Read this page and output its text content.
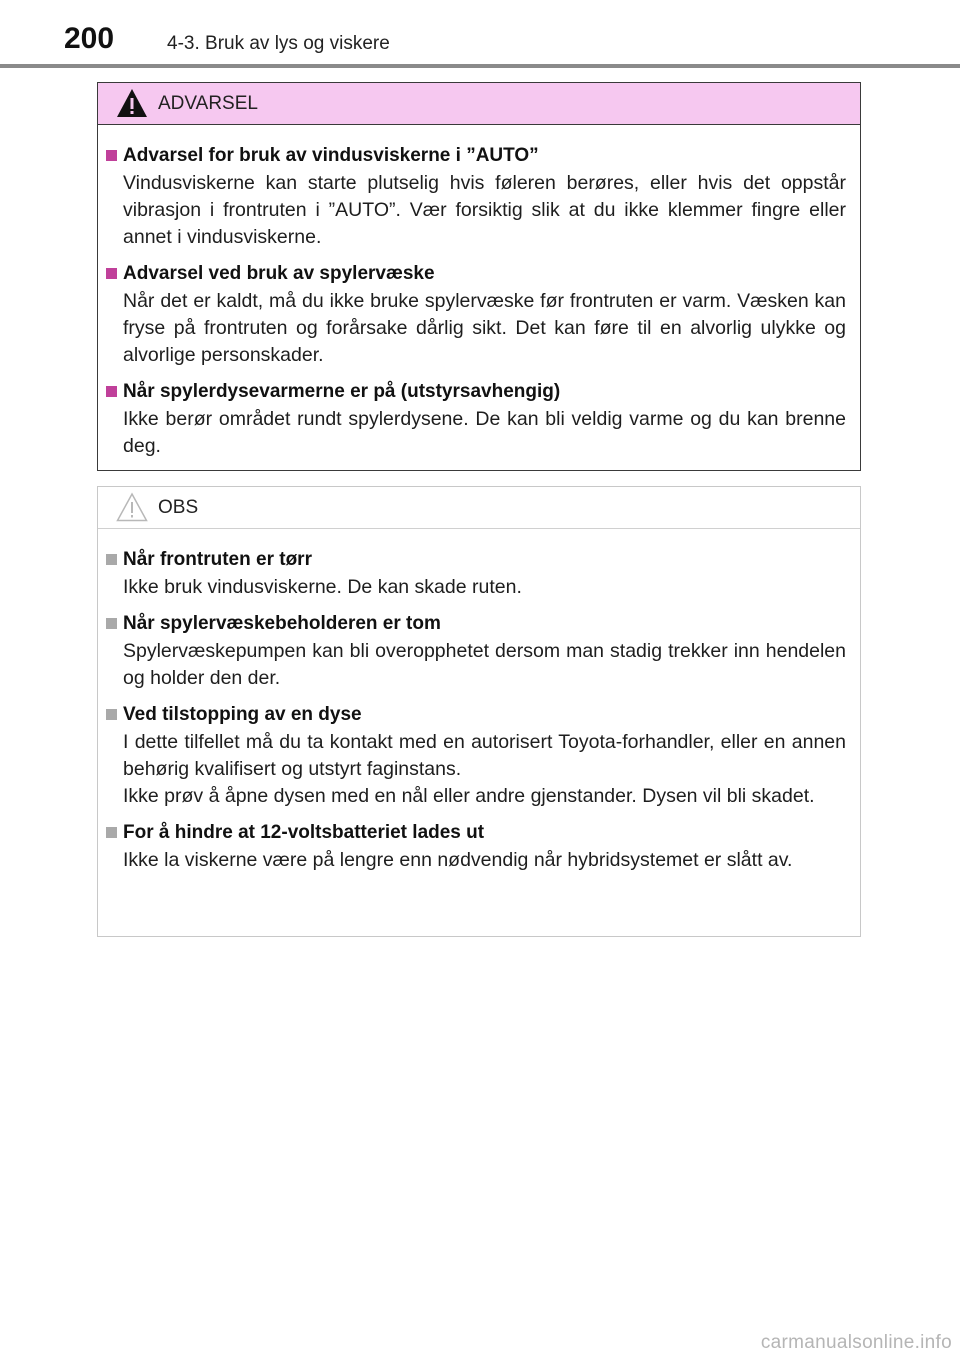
200	4-3. Bruk av lys og viskere
ADVARSEL
Advarsel for bruk av vindusviskerne i ”AUTO”

Vindusviskerne kan starte plutselig hvis føleren berøres, eller hvis det oppstår vibrasjon i frontruten i ”AUTO”. Vær forsiktig slik at du ikke klemmer fingre eller annet i vindusviskerne.

Advarsel ved bruk av spylervæske

Når det er kaldt, må du ikke bruke spylervæske før frontruten er varm. Væsken kan fryse på frontruten og forårsake dårlig sikt. Det kan føre til en alvorlig ulykke og alvorlige personskader.

Når spylerdysevarmerne er på (utstyrsavhengig)

Ikke berør området rundt spylerdysene. De kan bli veldig varme og du kan brenne deg.

OBS
Når frontruten er tørr

Ikke bruk vindusviskerne. De kan skade ruten.

Når spylervæskebeholderen er tom

Spylervæskepumpen kan bli overopphetet dersom man stadig trekker inn hendelen og holder den der.

Ved tilstopping av en dyse

I dette tilfellet må du ta kontakt med en autorisert Toyota-forhandler, eller en annen behørig kvalifisert og utstyrt faginstans.

Ikke prøv å åpne dysen med en nål eller andre gjenstander. Dysen vil bli skadet.

For å hindre at 12-voltsbatteriet lades ut

Ikke la viskerne være på lengre enn nødvendig når hybridsystemet er slått av.

carmanualsonline.info
